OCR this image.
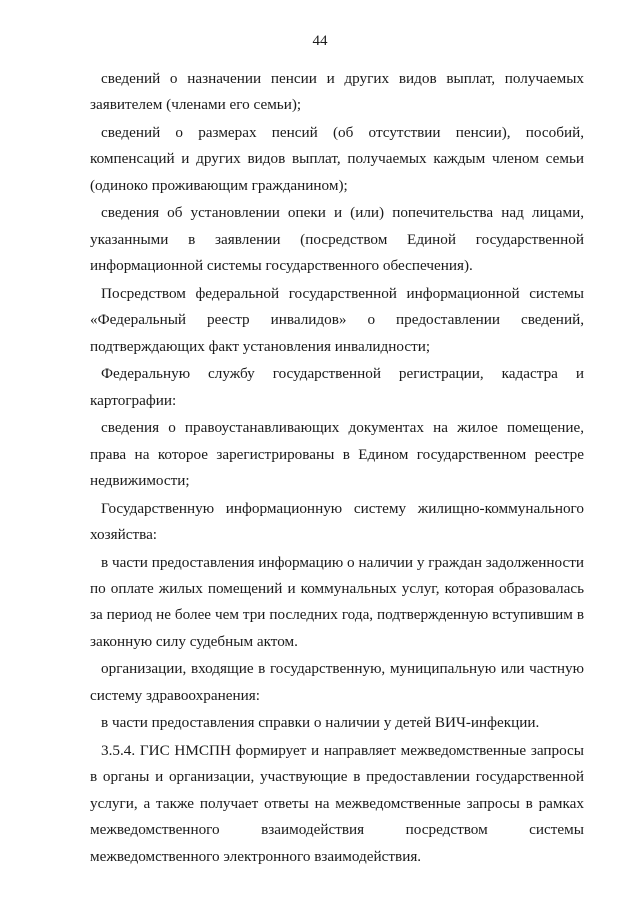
44

сведений о назначении пенсии и других видов выплат, получаемых заявителем (членами его семьи);

сведений о размерах пенсий (об отсутствии пенсии), пособий, компенсаций и других видов выплат, получаемых каждым членом семьи (одиноко проживающим гражданином);

сведения об установлении опеки и (или) попечительства над лицами, указанными в заявлении (посредством Единой государственной информационной системы государственного обеспечения).

Посредством федеральной государственной информационной системы «Федеральный реестр инвалидов» о предоставлении сведений, подтверждающих факт установления инвалидности;

Федеральную службу государственной регистрации, кадастра и картографии:

сведения о правоустанавливающих документах на жилое помещение, права на которое зарегистрированы в Едином государственном реестре недвижимости;

Государственную информационную систему жилищно-коммунального хозяйства:

в части предоставления информацию о наличии у граждан задолженности по оплате жилых помещений и коммунальных услуг, которая образовалась за период не более чем три последних года, подтвержденную вступившим в законную силу судебным актом.

организации, входящие в государственную, муниципальную или частную систему здравоохранения:

в части предоставления справки о наличии у детей ВИЧ-инфекции.

3.5.4. ГИС НМСПН формирует и направляет межведомственные запросы в органы и организации, участвующие в предоставлении государственной услуги, а также получает ответы на межведомственные запросы в рамках межведомственного взаимодействия посредством системы межведомственного электронного взаимодействия.
